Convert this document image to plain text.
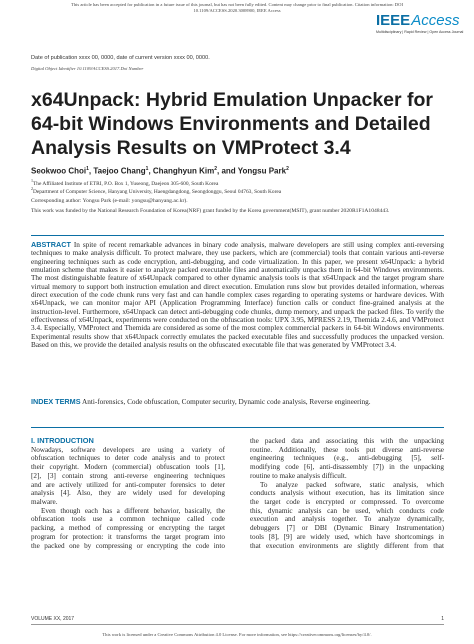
This article has been accepted for publication in a future issue of this journal, but has not been fully edited. Content may change prior to final publication. Citation information: DOI
10.1109/ACCESS.2020.3008900, IEEE Access
IEEEAccess
Multidisciplinary | Rapid Review | Open Access Journal
Date of publication xxxx 00, 0000, date of current version xxxx 00, 0000.
Digital Object Identifier 10.1109/ACCESS.2017.Doi Number
x64Unpack: Hybrid Emulation Unpacker for 64-bit Windows Environments and Detailed Analysis Results on VMProtect 3.4
Seokwoo Choi$^1$, Taejoo Chang$^1$, Changhyun Kim$^2$, and Yongsu Park$^2$
$^1$The Affiliated Institute of ETRI, P.O. Box 1, Yuseong, Daejeon 305-600, South Korea
$^2$Department of Computer Science, Hanyang University, Haengdangdong, Seongdonggu, Seoul 04763, South Korea
Corresponding author: Yongsu Park (e-mail: yongsu@hanyang.ac.kr).
This work was funded by the National Research Foundation of Korea(NRF) grant funded by the Korea government(MSIT), grant number 2020R1F1A1048443.
ABSTRACT In spite of recent remarkable advances in binary code analysis, malware developers are still using complex anti-reversing techniques to make analysis difficult. To protect malware, they use packers, which are (commercial) tools that contain various anti-reverse engineering techniques such as code encryption, anti-debugging, and code virtualization. In this paper, we present x64Unpack: a hybrid emulation scheme that makes it easier to analyze packed executable files and automatically unpacks them in 64-bit Windows environments. The most distinguishable feature of x64Unpack compared to other dynamic analysis tools is that x64Unpack and the target program share virtual memory to support both instruction emulation and direct execution. Emulation runs slow but provides detailed information, whereas direct execution of the code chunk runs very fast and can handle complex cases regarding to operating systems or hardware devices. With x64Unpack, we can monitor major API (Application Programming Interface) function calls or conduct fine-grained analysis at the instruction-level. Furthermore, x64Unpack can detect anti-debugging code chunks, dump memory, and unpack the packed files. To verify the effectiveness of x64Unpack, experiments were conducted on the obfuscation tools: UPX 3.95, MPRESS 2.19, Themida 2.4.6, and VMProtect 3.4. Especially, VMProtect and Themida are considered as some of the most complex commercial packers in 64-bit Windows environments. Experimental results show that x64Unpack correctly emulates the packed executable files and successfully produces the unpacked version. Based on this, we provide the detailed analysis results on the obfuscated executable file that was generated by VMProtect 3.4.
INDEX TERMS Anti-forensics, Code obfuscation, Computer security, Dynamic code analysis, Reverse engineering.
I. INTRODUCTION

Nowadays, software developers are using a variety of

obfuscation techniques to deter code analysis and to protect

their copyright. Modern (commercial) obfuscation tools [1],

[2], [3] contain strong anti-reverse engineering techniques

and are actively utilized for anti-computer forensics to deter

analysis [4]. Also, they are widely used for developing

malware.

Even though each has a different behavior, basically, the

obfuscation tools use a common technique called code

packing, a method of compressing or encrypting the target

program for protection: it transforms the target program into

the packed one by compressing or encrypting the code into

the packed data and associating this with the unpacking

routine. Additionally, these tools put diverse anti-reverse

engineering techniques (e.g., anti-debugging [5], self-

modifying code [6], anti-disassembly [7]) in the unpacking

routine to make analysis difficult.

To analyze packed software, static analysis, which

conducts analysis without execution, has its limitation since

the target code is encrypted or compressed. To overcome

this, dynamic analysis can be used, which conducts code

execution and analysis together. To analyze dynamically,

debuggers [7] or DBI (Dynamic Binary Instrumentation)

tools [8], [9] are widely used, which have shortcomings in

that execution environments are slightly different from that

VOLUME XX, 2017	1
This work is licensed under a Creative Commons Attribution 4.0 License. For more information, see https://creativecommons.org/licenses/by/4.0/.
